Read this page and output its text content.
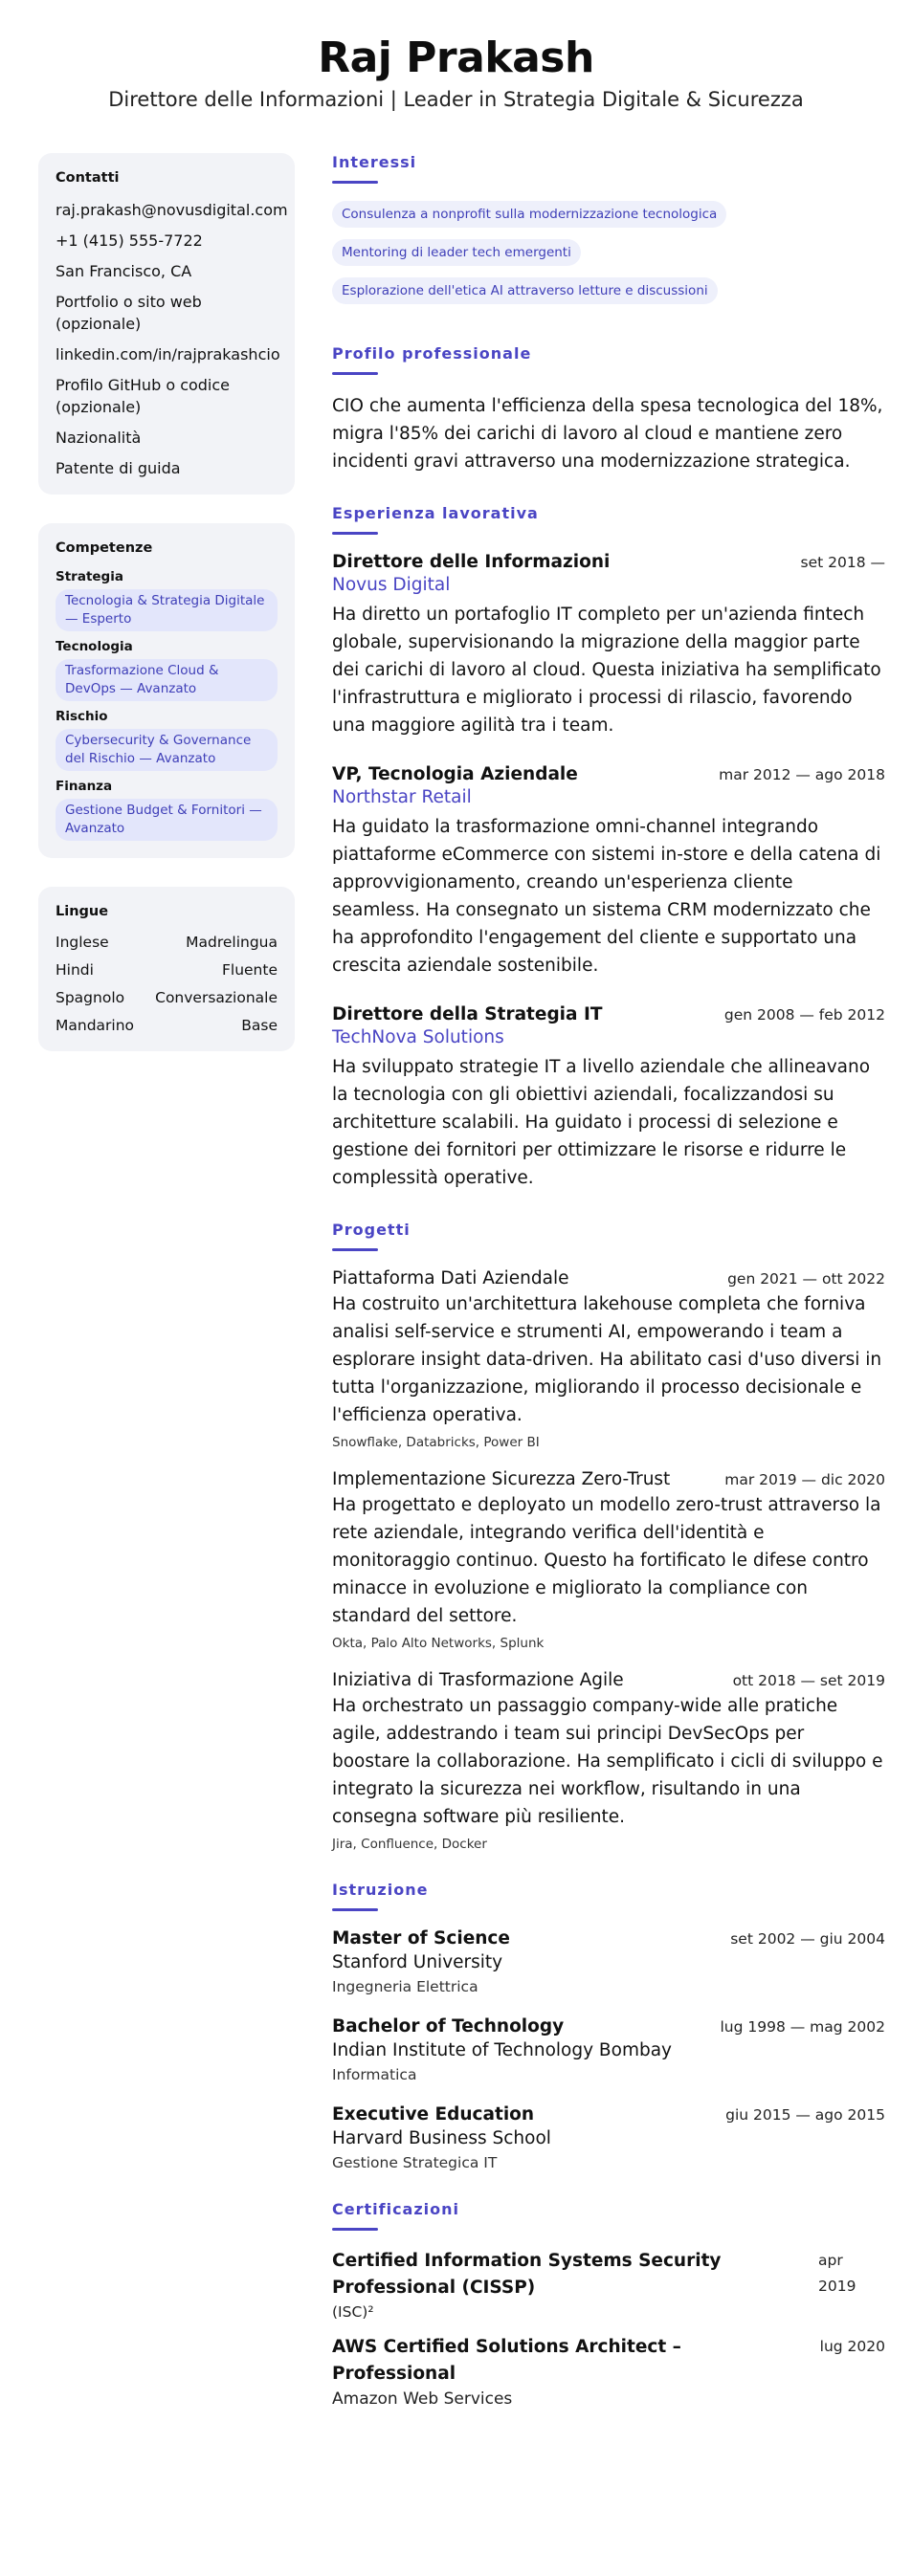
Raj Prakash
Direttore delle Informazioni | Leader in Strategia Digitale & Sicurezza
Contatti
raj.prakash@novusdigital.com
+1 (415) 555-7722
San Francisco, CA
Portfolio o sito web (opzionale)
linkedin.com/in/rajprakashcio
Profilo GitHub o codice (opzionale)
Nazionalità
Patente di guida
Competenze
Strategia
Tecnologia & Strategia Digitale — Esperto
Tecnologia
Trasformazione Cloud & DevOps — Avanzato
Rischio
Cybersecurity & Governance del Rischio — Avanzato
Finanza
Gestione Budget & Fornitori — Avanzato
Lingue
Inglese	Madrelingua
Hindi	Fluente
Spagnolo Conversazionale
Mandarino	Base
Interessi
Consulenza a nonprofit sulla modernizzazione tecnologica
Mentoring di leader tech emergenti
Esplorazione dell'etica AI attraverso letture e discussioni
Profilo professionale
CIO che aumenta l'efficienza della spesa tecnologica del 18%, migra l'85% dei carichi di lavoro al cloud e mantiene zero incidenti gravi attraverso una modernizzazione strategica.
Esperienza lavorativa
Direttore delle Informazioni	set 2018 —
Novus Digital
Ha diretto un portafoglio IT completo per un'azienda fintech globale, supervisionando la migrazione della maggior parte dei carichi di lavoro al cloud. Questa iniziativa ha semplificato l'infrastruttura e migliorato i processi di rilascio, favorendo una maggiore agilità tra i team.
VP, Tecnologia Aziendale	mar 2012 — ago 2018
Northstar Retail
Ha guidato la trasformazione omni-channel integrando piattaforme eCommerce con sistemi in-store e della catena di approvvigionamento, creando un'esperienza cliente seamless. Ha consegnato un sistema CRM modernizzato che ha approfondito l'engagement del cliente e supportato una crescita aziendale sostenibile.
Direttore della Strategia IT	gen 2008 — feb 2012
TechNova Solutions
Ha sviluppato strategie IT a livello aziendale che allineavano la tecnologia con gli obiettivi aziendali, focalizzandosi su architetture scalabili. Ha guidato i processi di selezione e gestione dei fornitori per ottimizzare le risorse e ridurre le complessità operative.
Progetti
Piattaforma Dati Aziendale	gen 2021 — ott 2022
Ha costruito un'architettura lakehouse completa che forniva analisi self-service e strumenti AI, empowerando i team a esplorare insight data-driven. Ha abilitato casi d'uso diversi in tutta l'organizzazione, migliorando il processo decisionale e l'efficienza operativa.
Snowflake, Databricks, Power BI
Implementazione Sicurezza Zero-Trust	mar 2019 — dic 2020
Ha progettato e deployato un modello zero-trust attraverso la rete aziendale, integrando verifica dell'identità e monitoraggio continuo. Questo ha fortificato le difese contro minacce in evoluzione e migliorato la compliance con standard del settore.
Okta, Palo Alto Networks, Splunk
Iniziativa di Trasformazione Agile	ott 2018 — set 2019
Ha orchestrato un passaggio company-wide alle pratiche agile, addestrando i team sui principi DevSecOps per boostare la collaborazione. Ha semplificato i cicli di sviluppo e integrato la sicurezza nei workflow, risultando in una consegna software più resiliente.
Jira, Confluence, Docker
Istruzione
Master of Science	set 2002 — giu 2004
Stanford University
Ingegneria Elettrica
Bachelor of Technology	lug 1998 — mag 2002
Indian Institute of Technology Bombay
Informatica
Executive Education	giu 2015 — ago 2015
Harvard Business School
Gestione Strategica IT
Certificazioni
Certified Information Systems Security Professional (CISSP)
apr 2019
(ISC)²
AWS Certified Solutions Architect – Professional
lug 2020
Amazon Web Services
